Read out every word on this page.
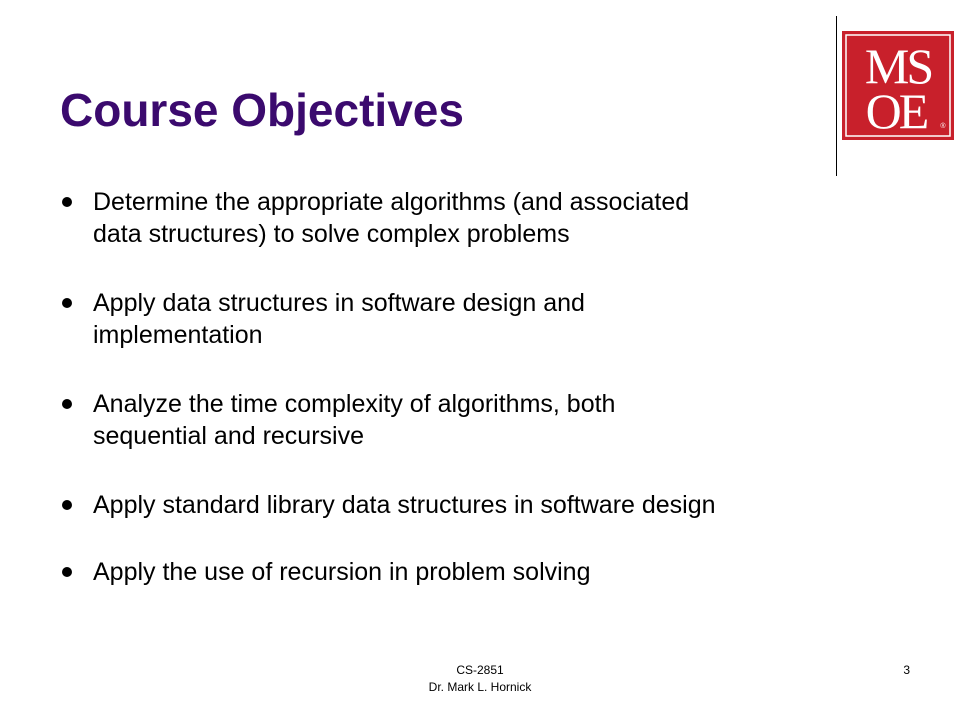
Course Objectives
MS
OE ®
Determine the appropriate algorithms (and associated
data structures) to solve complex problems
Apply data structures in software design and
implementation
Analyze the time complexity of algorithms, both
sequential and recursive
Apply standard library data structures in software design
Apply the use of recursion in problem solving
CS-2851
Dr. Mark L. Hornick
3
